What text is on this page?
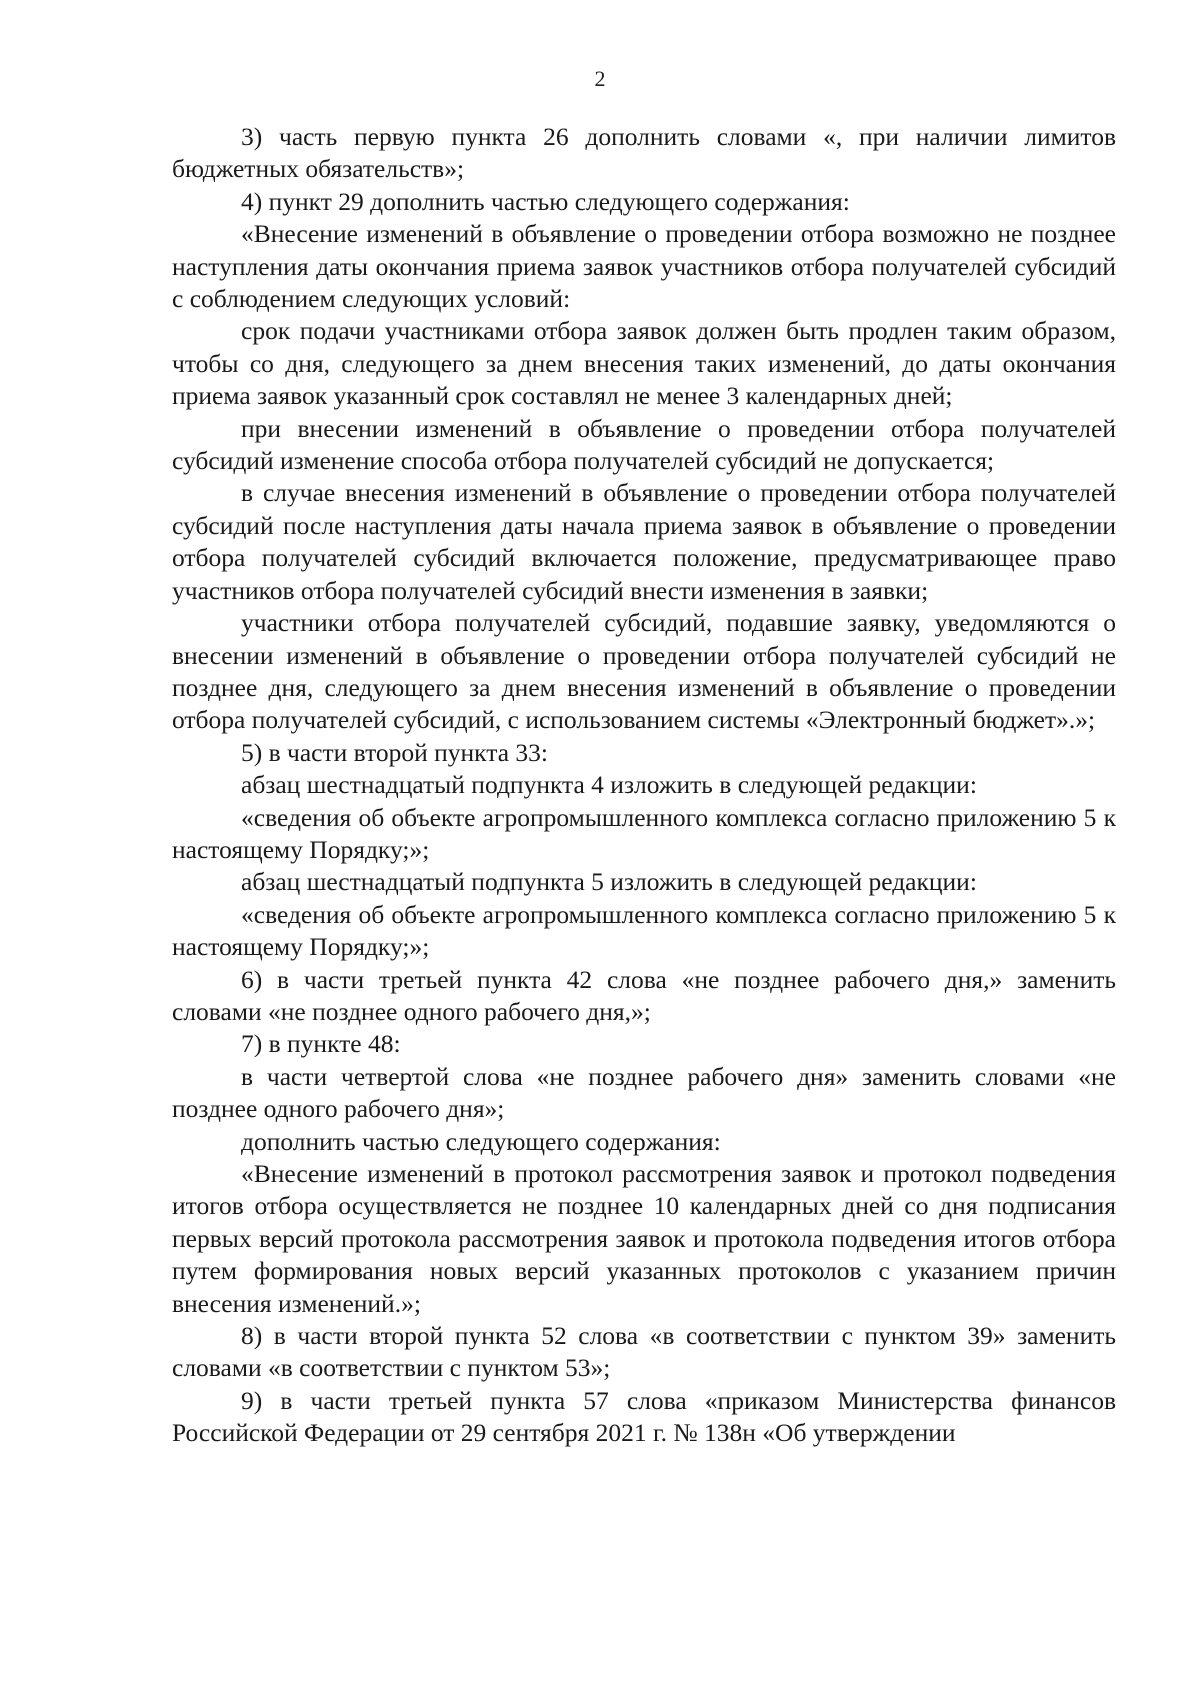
2

3) часть первую пункта 26 дополнить словами «, при наличии лимитов бюджетных обязательств»;

4) пункт 29 дополнить частью следующего содержания:

«Внесение изменений в объявление о проведении отбора возможно не позднее наступления даты окончания приема заявок участников отбора получателей субсидий с соблюдением следующих условий:

срок подачи участниками отбора заявок должен быть продлен таким образом, чтобы со дня, следующего за днем внесения таких изменений, до даты окончания приема заявок указанный срок составлял не менее 3 календарных дней;

при внесении изменений в объявление о проведении отбора получателей субсидий изменение способа отбора получателей субсидий не допускается;

в случае внесения изменений в объявление о проведении отбора получателей субсидий после наступления даты начала приема заявок в объявление о проведении отбора получателей субсидий включается положение, предусматривающее право участников отбора получателей субсидий внести изменения в заявки;

участники отбора получателей субсидий, подавшие заявку, уведомляются о внесении изменений в объявление о проведении отбора получателей субсидий не позднее дня, следующего за днем внесения изменений в объявление о проведении отбора получателей субсидий, с использованием системы «Электронный бюджет».»;

5) в части второй пункта 33:

абзац шестнадцатый подпункта 4 изложить в следующей редакции:

«сведения об объекте агропромышленного комплекса согласно приложению 5 к настоящему Порядку;»;

абзац шестнадцатый подпункта 5 изложить в следующей редакции:

«сведения об объекте агропромышленного комплекса согласно приложению 5 к настоящему Порядку;»;

6) в части третьей пункта 42 слова «не позднее рабочего дня,» заменить словами «не позднее одного рабочего дня,»;

7) в пункте 48:

в части четвертой слова «не позднее рабочего дня» заменить словами «не позднее одного рабочего дня»;

дополнить частью следующего содержания:

«Внесение изменений в протокол рассмотрения заявок и протокол подведения итогов отбора осуществляется не позднее 10 календарных дней со дня подписания первых версий протокола рассмотрения заявок и протокола подведения итогов отбора путем формирования новых версий указанных протоколов с указанием причин внесения изменений.»;

8) в части второй пункта 52 слова «в соответствии с пунктом 39» заменить словами «в соответствии с пунктом 53»;

9) в части третьей пункта 57 слова «приказом Министерства финансов Российской Федерации от 29 сентября 2021 г. № 138н «Об утверждении
